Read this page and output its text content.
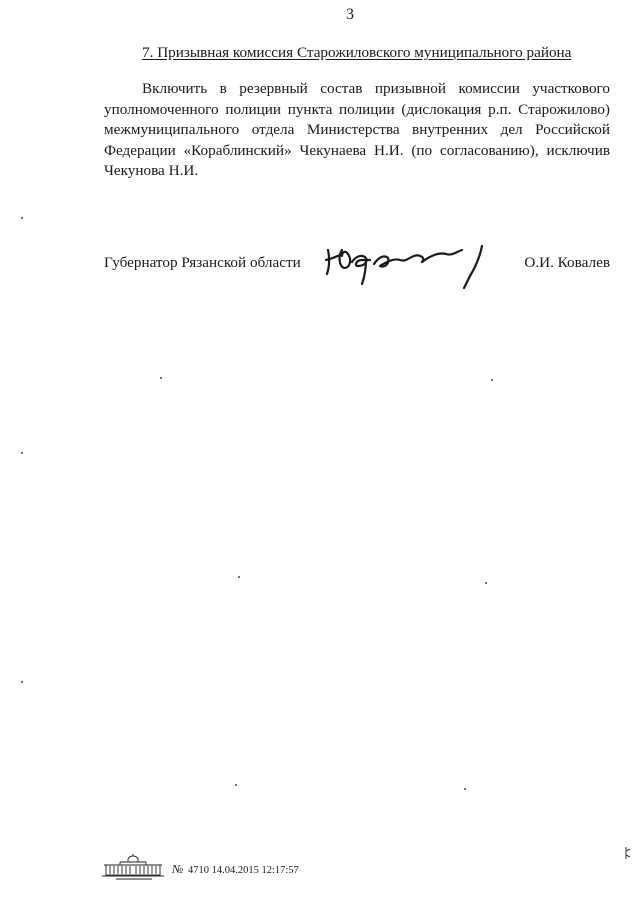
3
7. Призывная комиссия Старожиловского муниципального района

Включить в резервный состав призывной комиссии участкового уполномоченного полиции пункта полиции (дислокация р.п. Старожилово) межмуниципального отдела Министерства внутренних дел Российской Федерации «Кораблинский» Чекунаева Н.И. (по согласованию), исключив Чекунова Н.И.

Губернатор Рязанской области	О.И. Ковалев
№ 4710 14.04.2015 12:17:57
